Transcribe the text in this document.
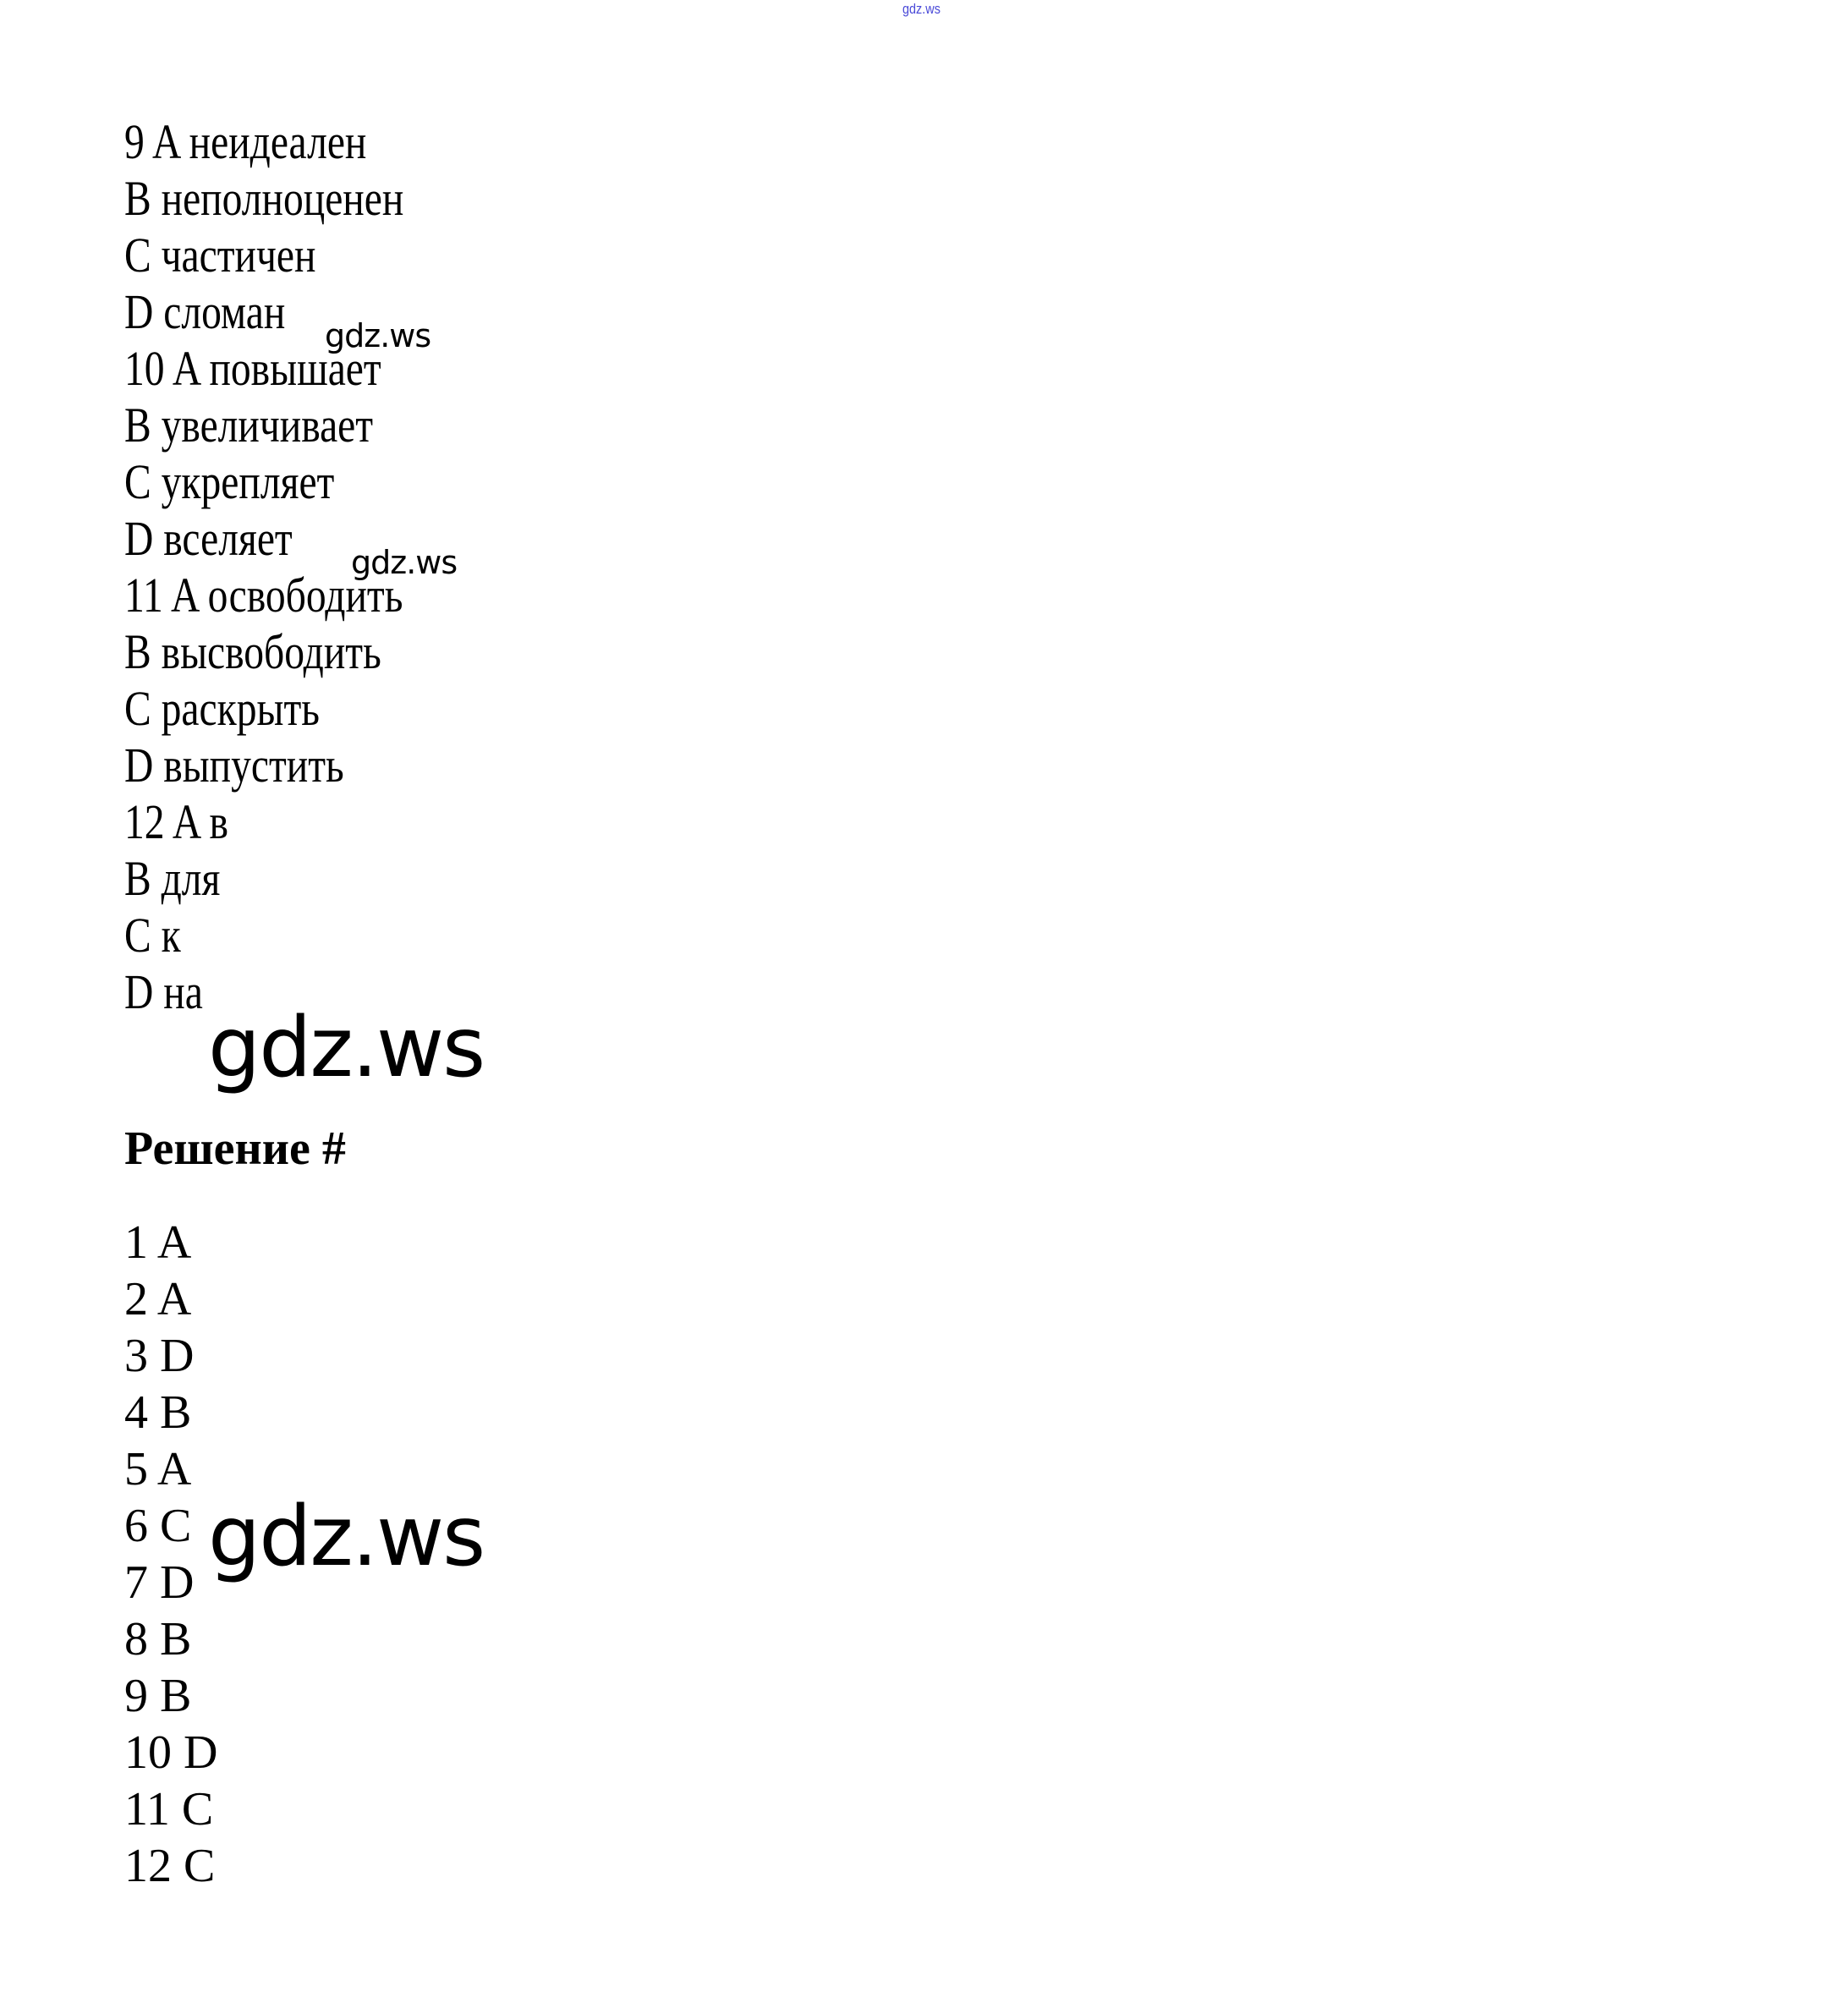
gdz.ws
9 A неидеален
B неполноценен
C частичен
D сломан
10 A повышает
B увеличивает
C укрепляет
D вселяет
11 A освободить
B высвободить
C раскрыть
D выпустить
12 A в
B для
C к
D на
gdz.ws
gdz.ws
gdz.ws
Решение #
1 A
2 A
3 D
4 B
5 A
6 C
7 D
8 B
9 B
10 D
11 C
12 C
gdz.ws
